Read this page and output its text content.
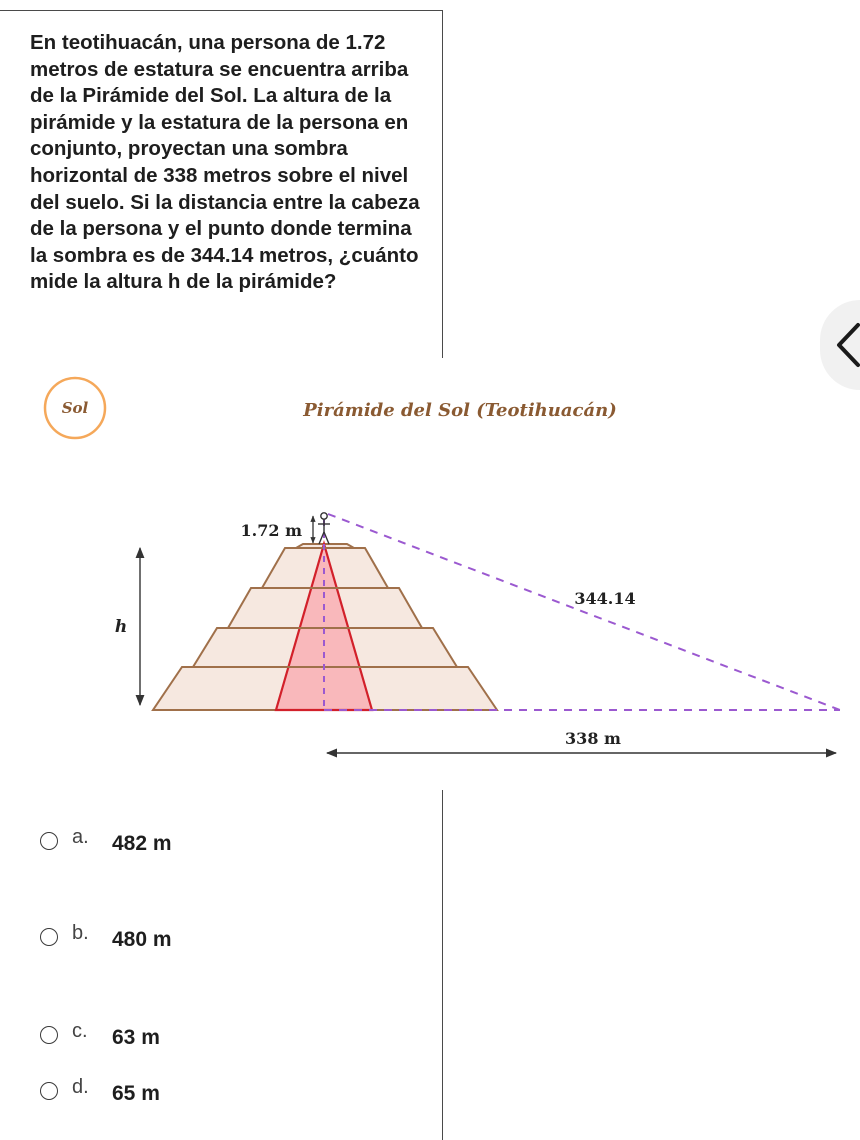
En teotihuacán, una persona de 1.72 metros de estatura se encuentra arriba de la Pirámide del Sol. La altura de la pirámide y la estatura de la persona en conjunto, proyectan una sombra horizontal de 338 metros sobre el nivel del suelo. Si la distancia entre la cabeza de la persona y el punto donde termina la sombra es de 344.14 metros, ¿cuánto mide la altura h de la pirámide?

Sol	Pirámide del Sol (Teotihuacán)
1.72 m
344.14
h
338 m
a. 482 m
b. 480 m
c. 63 m
d. 65 m
